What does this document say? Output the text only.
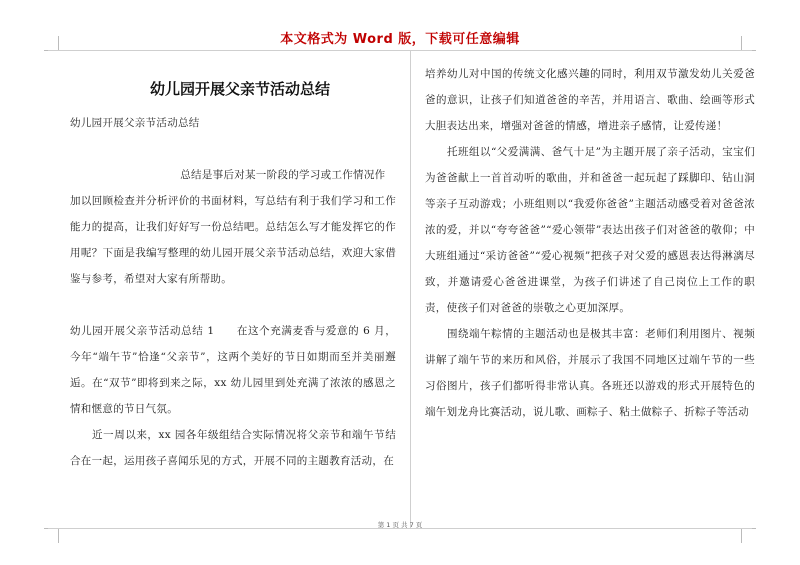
本文格式为 Word 版，下载可任意编辑
幼儿园开展父亲节活动总结

幼儿园开展父亲节活动总结

总结是事后对某一阶段的学习或工作情况作

加以回顾检查并分析评价的书面材料，写总结有利于我们学习和工作能力的提高，让我们好好写一份总结吧。总结怎么写才能发挥它的作用呢？下面是我编写整理的幼儿园开展父亲节活动总结，欢迎大家借鉴与参考，希望对大家有所帮助。

幼儿园开展父亲节活动总结 1　　在这个充满麦香与爱意的 6 月，今年“端午节”恰逢“父亲节”，这两个美好的节日如期而至并美丽邂逅。在“双节”即将到来之际，xx 幼儿园里到处充满了浓浓的感恩之情和惬意的节日气氛。

近一周以来，xx 园各年级组结合实际情况将父亲节和端午节结合在一起，运用孩子喜闻乐见的方式，开展不同的主题教育活动，在

培养幼儿对中国的传统文化感兴趣的同时，利用双节激发幼儿关爱爸爸的意识，让孩子们知道爸爸的辛苦，并用语言、歌曲、绘画等形式大胆表达出来，增强对爸爸的情感，增进亲子感情，让爱传递！

托班组以“父爱满满、爸气十足”为主题开展了亲子活动，宝宝们为爸爸献上一首首动听的歌曲，并和爸爸一起玩起了踩脚印、钻山洞等亲子互动游戏；小班组则以“我爱你爸爸”主题活动感受着对爸爸浓浓的爱，并以“夸夸爸爸”“爱心领带”表达出孩子们对爸爸的敬仰；中大班组通过“采访爸爸”“爱心视频”把孩子对父爱的感恩表达得淋漓尽致，并邀请爱心爸爸进课堂，为孩子们讲述了自己岗位上工作的职责，使孩子们对爸爸的崇敬之心更加深厚。

围绕端午粽情的主题活动也是极其丰富：老师们利用图片、视频讲解了端午节的来历和风俗，并展示了我国不同地区过端午节的一些习俗图片，孩子们都听得非常认真。各班还以游戏的形式开展特色的端午划龙舟比赛活动，说儿歌、画粽子、粘土做粽子、折粽子等活动

第 1 页 共 7 页
